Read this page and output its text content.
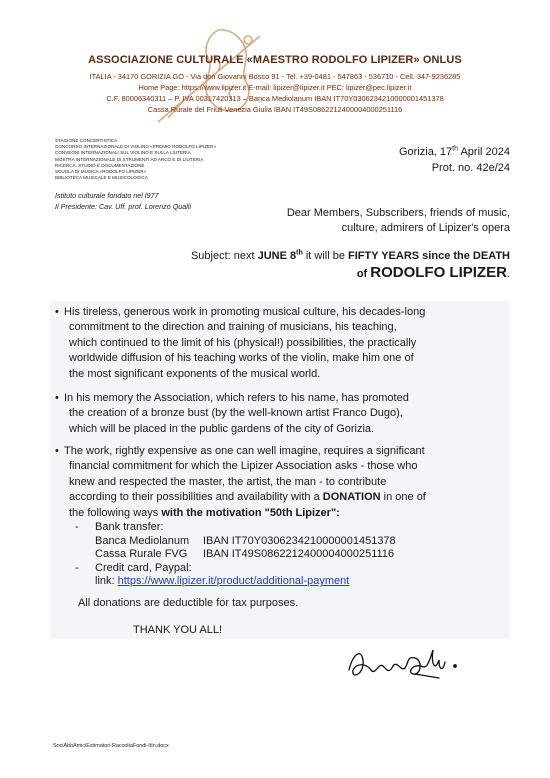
ASSOCIAZIONE CULTURALE «MAESTRO RODOLFO LIPIZER» ONLUS
ITALIA - 34170 GORIZIA GO - Via don Giovanni Bosco 91 - Tel. +39-0481 - 547863 - 536710 - Cell. 347-9236285
Home Page: https://www.lipizer.it E-mail: lipizer@lipizer.it PEC: lipizer@pec.lipizer.it
C.F. 80006340311 – P. IVA 00317420313 – Banca Mediolanum IBAN IT70Y0306234210000001451378
Cassa Rurale del Friuli Venezia Giulia IBAN IT49S0862212400004000251116
STAGIONE CONCERTISTICA
CONCORSO INTERNAZIONALE DI VIOLINO «PREMIO RODOLFO LIPIZER»
CONVEGNI INTERNAZIONALI SUL VIOLINO E SULLA LIUTERIA
MOSTRA INTERNAZIONALE DI STRUMENTI AD ARCO E DI LIUTERIA
RICERCA, STUDIO E DOCUMENTAZIONE
SCUOLA DI MUSICA «RODOLFO LIPIZER»
BIBLIOTECA MUSICALE E MUSICOLOGICA
Istituto culturale fondato nel l977
Il Presidente: Cav. Uff. prof. Lorenzo Qualli
Gorizia, 17th April 2024
Prot. no. 42e/24
Dear Members, Subscribers, friends of music,
culture, admirers of Lipizer's opera
Subject: next JUNE 8th it will be FIFTY YEARS since the DEATH
of RODOLFO LIPIZER.
• His tireless, generous work in promoting musical culture, his decades-long
commitment to the direction and training of musicians, his teaching,
which continued to the limit of his (physical!) possibilities, the practically
worldwide diffusion of his teaching works of the violin, make him one of
the most significant exponents of the musical world.
• In his memory the Association, which refers to his name, has promoted
the creation of a bronze bust (by the well-known artist Franco Dugo),
which will be placed in the public gardens of the city of Gorizia.
• The work, rightly expensive as one can well imagine, requires a significant
financial commitment for which the Lipizer Association asks - those who
knew and respected the master, the artist, the man - to contribute
according to their possibilities and availability with a DONATION in one of
the following ways with the motivation "50th Lipizer":
- Bank transfer:
Banca Mediolanum IBAN IT70Y0306234210000001451378
Cassa Rurale FVG IBAN IT49S0862212400004000251116
- Credit card, Paypal:
link: https://www.lipizer.it/product/additional-payment
All donations are deductible for tax purposes.
THANK YOU ALL!
SociAbbAmiciEstimatori-RaccoltaFondi-ItIn.docx
